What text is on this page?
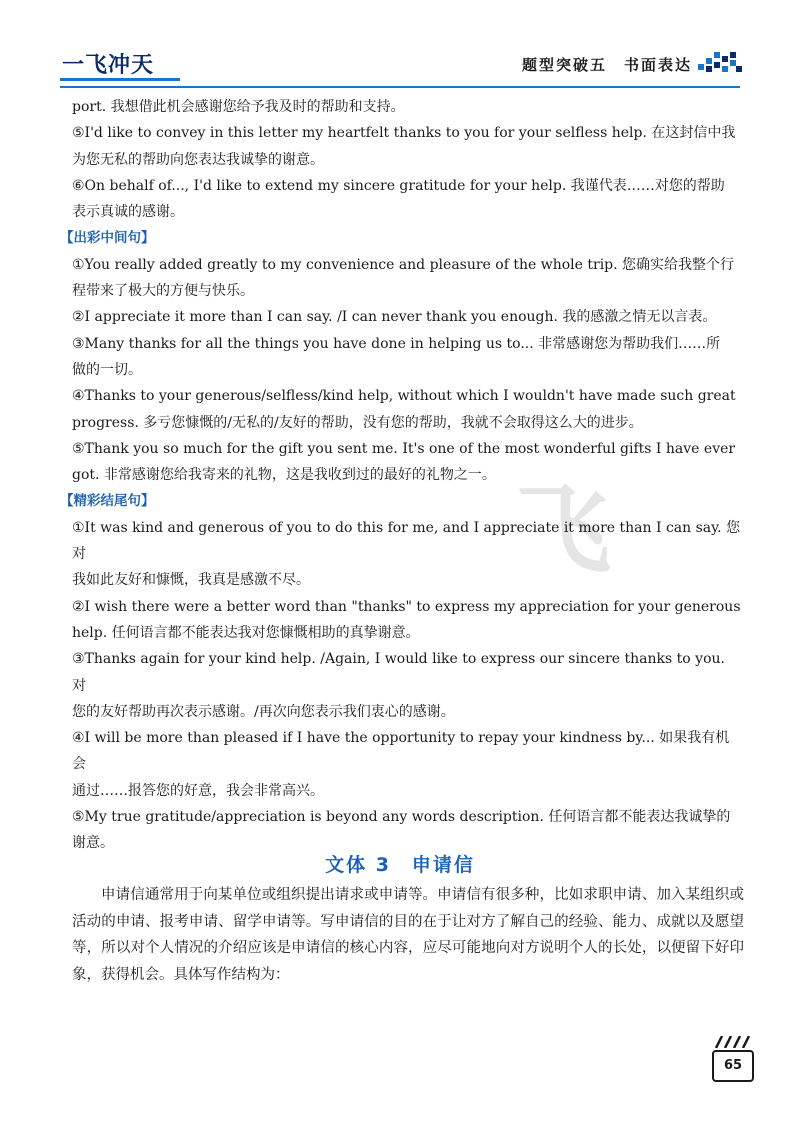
一飞冲天	题型突破五　书面表达
飞

port. 我想借此机会感谢您给予我及时的帮助和支持。

⑤I'd like to convey in this letter my heartfelt thanks to you for your selfless help. 在这封信中我

为您无私的帮助向您表达我诚挚的谢意。

⑥On behalf of..., I'd like to extend my sincere gratitude for your help. 我谨代表……对您的帮助

表示真诚的感谢。

【出彩中间句】

①You really added greatly to my convenience and pleasure of the whole trip. 您确实给我整个行

程带来了极大的方便与快乐。

②I appreciate it more than I can say. /I can never thank you enough. 我的感激之情无以言表。

③Many thanks for all the things you have done in helping us to... 非常感谢您为帮助我们……所

做的一切。

④Thanks to your generous/selfless/kind help, without which I wouldn't have made such great

progress. 多亏您慷慨的/无私的/友好的帮助，没有您的帮助，我就不会取得这么大的进步。

⑤Thank you so much for the gift you sent me. It's one of the most wonderful gifts I have ever

got. 非常感谢您给我寄来的礼物，这是我收到过的最好的礼物之一。

【精彩结尾句】

①It was kind and generous of you to do this for me, and I appreciate it more than I can say. 您对

我如此友好和慷慨，我真是感激不尽。

②I wish there were a better word than "thanks" to express my appreciation for your generous

help. 任何语言都不能表达我对您慷慨相助的真挚谢意。

③Thanks again for your kind help. /Again, I would like to express our sincere thanks to you. 对

您的友好帮助再次表示感谢。/再次向您表示我们衷心的感谢。

④I will be more than pleased if I have the opportunity to repay your kindness by... 如果我有机会

通过……报答您的好意，我会非常高兴。

⑤My true gratitude/appreciation is beyond any words description. 任何语言都不能表达我诚挚的

谢意。

文体 3　申请信
申请信通常用于向某单位或组织提出请求或申请等。申请信有很多种，比如求职申请、加入某组织或活动的申请、报考申请、留学申请等。写申请信的目的在于让对方了解自己的经验、能力、成就以及愿望等，所以对个人情况的介绍应该是申请信的核心内容，应尽可能地向对方说明个人的长处，以便留下好印象，获得机会。具体写作结构为：
65
